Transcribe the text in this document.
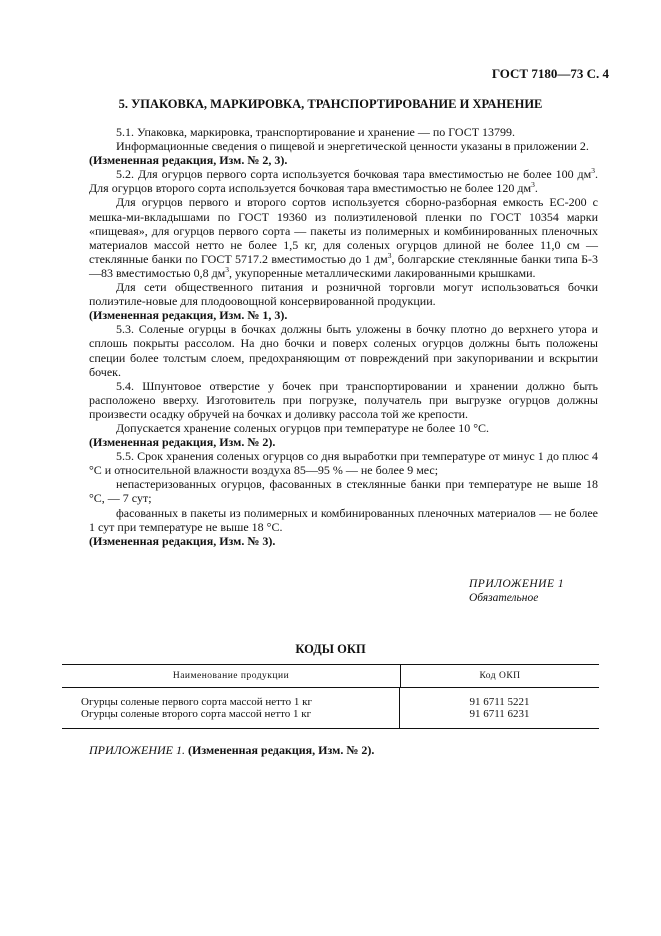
ГОСТ 7180—73 С. 4
5. УПАКОВКА, МАРКИРОВКА, ТРАНСПОРТИРОВАНИЕ И ХРАНЕНИЕ

5.1. Упаковка, маркировка, транспортирование и хранение — по ГОСТ 13799.

Информационные сведения о пищевой и энергетической ценности указаны в приложении 2.

(Измененная редакция, Изм. № 2, 3).

5.2. Для огурцов первого сорта используется бочковая тара вместимостью не более 100 $дм^3$. Для огурцов второго сорта используется бочковая тара вместимостью не более 120 $дм^3$.

Для огурцов первого и второго сортов используется сборно-разборная емкость ЕС-200 с мешка-ми-вкладышами по ГОСТ 19360 из полиэтиленовой пленки по ГОСТ 10354 марки «пищевая», для огурцов первого сорта — пакеты из полимерных и комбинированных пленочных материалов массой нетто не более 1,5 кг, для соленых огурцов длиной не более 11,0 см — стеклянные банки по ГОСТ 5717.2 вместимостью до 1 $дм^3$, болгарские стеклянные банки типа Б-3—83 вместимостью 0,8 $дм^3$, укупоренные металлическими лакированными крышками.

Для сети общественного питания и розничной торговли могут использоваться бочки полиэтиле-новые для плодоовощной консервированной продукции.

(Измененная редакция, Изм. № 1, 3).

5.3. Соленые огурцы в бочках должны быть уложены в бочку плотно до верхнего утора и сплошь покрыты рассолом. На дно бочки и поверх соленых огурцов должны быть положены специи более толстым слоем, предохраняющим от повреждений при закупоривании и вскрытии бочек.

5.4. Шпунтовое отверстие у бочек при транспортировании и хранении должно быть расположено вверху. Изготовитель при погрузке, получатель при выгрузке огурцов должны произвести осадку обручей на бочках и доливку рассола той же крепости.

Допускается хранение соленых огурцов при температуре не более 10 °С.

(Измененная редакция, Изм. № 2).

5.5. Срок хранения соленых огурцов со дня выработки при температуре от минус 1 до плюс 4 °С и относительной влажности воздуха 85—95 % — не более 9 мес;

непастеризованных огурцов, фасованных в стеклянные банки при температуре не выше 18 °С, — 7 сут;

фасованных в пакеты из полимерных и комбинированных пленочных материалов — не более 1 сут при температуре не выше 18 °С.

(Измененная редакция, Изм. № 3).

ПРИЛОЖЕНИЕ 1
Обязательное
КОДЫ ОКП
Наименование продукции	Код ОКП
Огурцы соленые первого сорта массой нетто 1 кг
Огурцы соленые второго сорта массой нетто 1 кг
91 6711 5221
91 6711 6231
ПРИЛОЖЕНИЕ 1. (Измененная редакция, Изм. № 2).
